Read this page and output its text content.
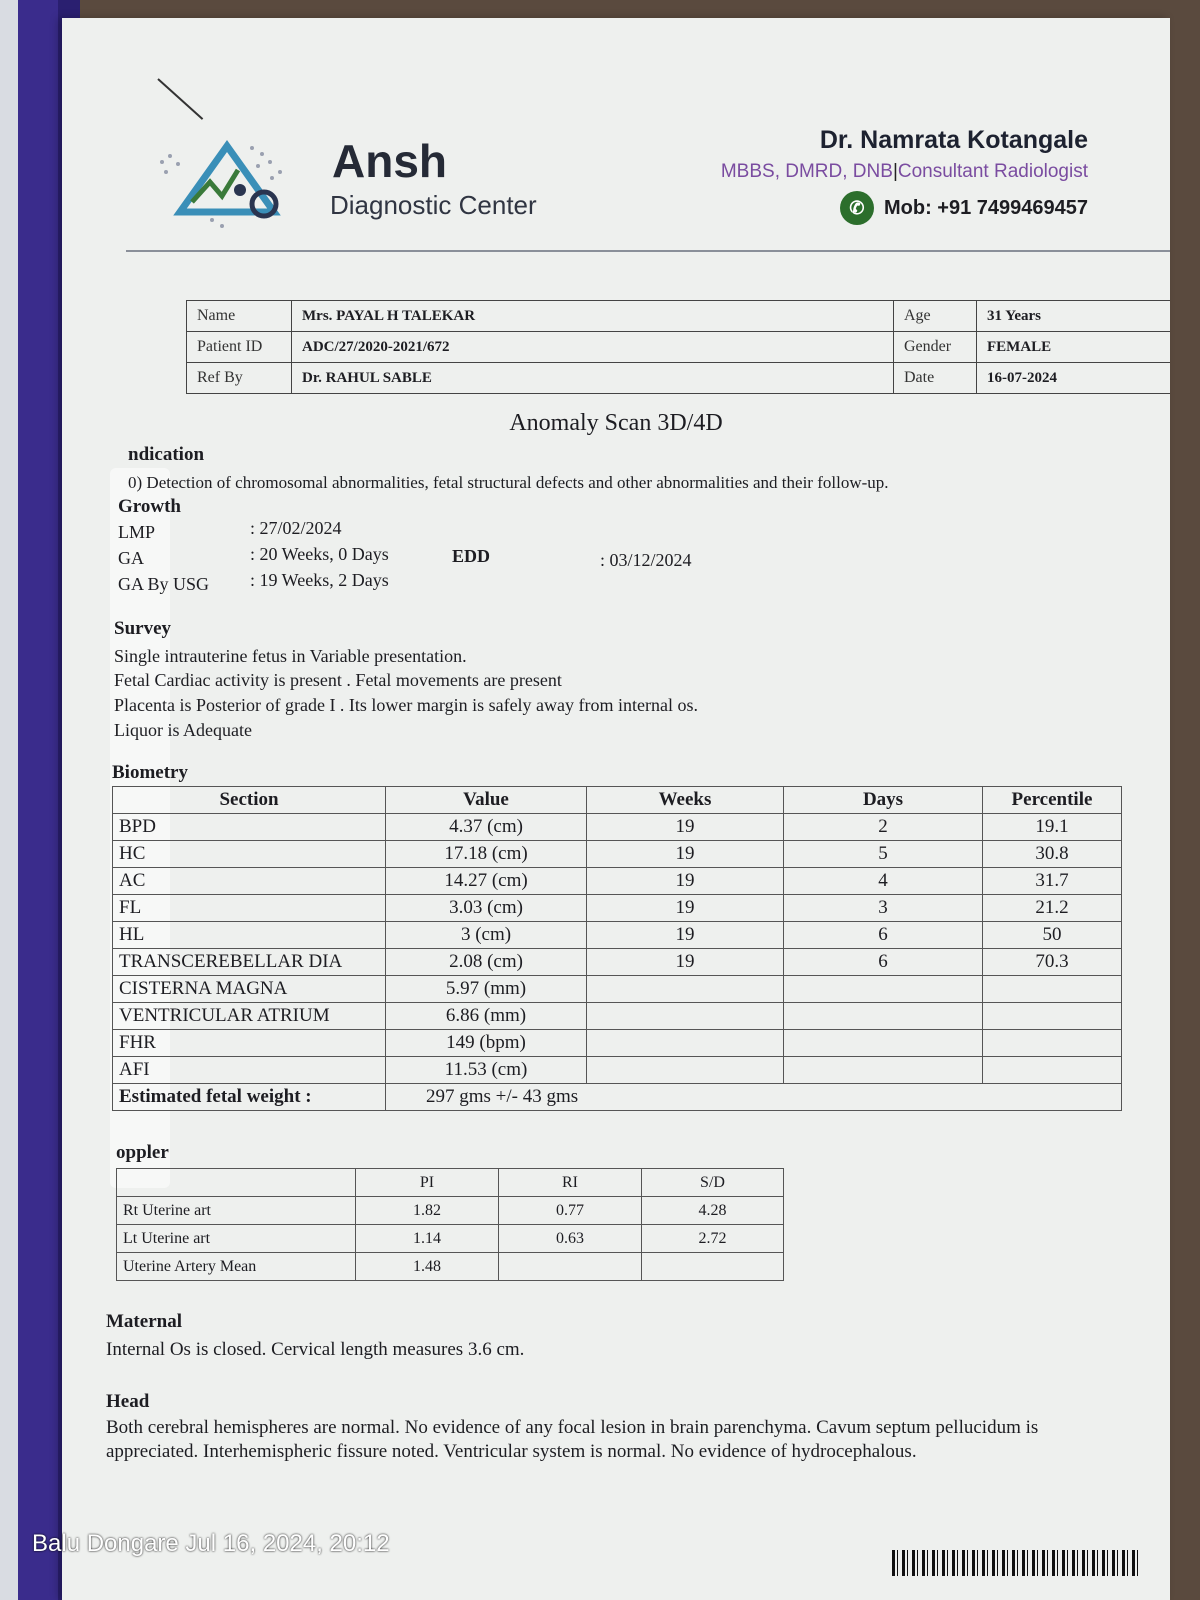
Ansh
Diagnostic Center
Dr. Namrata Kotangale
MBBS, DMRD, DNB|Consultant Radiologist
✆ Mob: +91 7499469457
Name	Mrs. PAYAL H TALEKAR	Age	31 Years
Patient ID	ADC/27/2020-2021/672	Gender	FEMALE
Ref By	Dr. RAHUL SABLE	Date	16-07-2024
Anomaly Scan 3D/4D
ndication
0) Detection of chromosomal abnormalities, fetal structural defects and other abnormalities and their follow-up.
Growth
LMP	: 27/02/2024
GA	: 20 Weeks, 0 Days	EDD	: 03/12/2024
GA By USG : 19 Weeks, 2 Days
Survey
Single intrauterine fetus in Variable presentation.
Fetal Cardiac activity is present . Fetal movements are present
Placenta is Posterior of grade I . Its lower margin is safely away from internal os.
Liquor is Adequate
Biometry
Section	Value	Weeks	Days	Percentile
BPD	4.37 (cm)	19	2	19.1
HC	17.18 (cm)	19	5	30.8
AC	14.27 (cm)	19	4	31.7
FL	3.03 (cm)	19	3	21.2
HL	3 (cm)	19	6	50
TRANSCEREBELLAR DIA	2.08 (cm)	19	6	70.3
CISTERNA MAGNA	5.97 (mm)			
VENTRICULAR ATRIUM	6.86 (mm)			
FHR	149 (bpm)			
AFI	11.53 (cm)			
Estimated fetal weight :	297 gms +/- 43 gms			
oppler
	PI	RI	S/D
Rt Uterine art	1.82	0.77	4.28
Lt Uterine art	1.14	0.63	2.72
Uterine Artery Mean	1.48		
Maternal
Internal Os is closed. Cervical length measures 3.6 cm.
Head
Both cerebral hemispheres are normal. No evidence of any focal lesion in brain parenchyma. Cavum septum pellucidum is appreciated. Interhemispheric fissure noted. Ventricular system is normal. No evidence of hydrocephalous.
Balu Dongare Jul 16, 2024, 20:12
